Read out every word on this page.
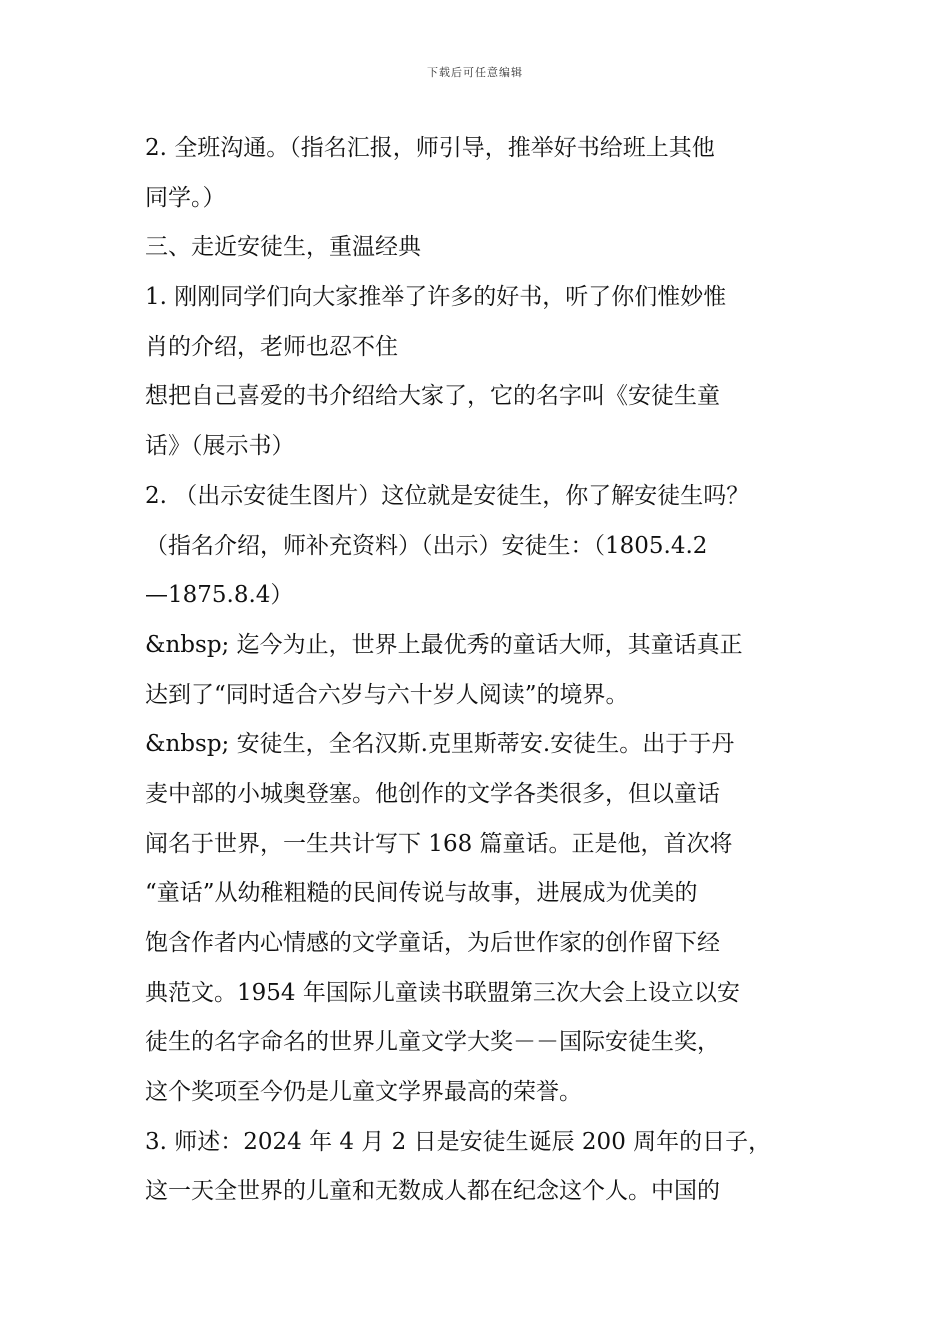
下载后可任意编辑
2. 全班沟通。（指名汇报，师引导，推举好书给班上其他
同学。）
三、走近安徒生，重温经典
1. 刚刚同学们向大家推举了许多的好书，听了你们惟妙惟
肖的介绍，老师也忍不住
想把自己喜爱的书介绍给大家了，它的名字叫《安徒生童
话》（展示书）
2. （出示安徒生图片）这位就是安徒生，你了解安徒生吗？
（指名介绍，师补充资料）（出示）安徒生：（1805.4.2
—1875.8.4）
&nbsp; 迄今为止，世界上最优秀的童话大师，其童话真正
达到了“同时适合六岁与六十岁人阅读”的境界。
&nbsp; 安徒生，全名汉斯.克里斯蒂安.安徒生。出于于丹
麦中部的小城奥登塞。他创作的文学各类很多，但以童话
闻名于世界，一生共计写下 168 篇童话。正是他，首次将
“童话”从幼稚粗糙的民间传说与故事，进展成为优美的
饱含作者内心情感的文学童话，为后世作家的创作留下经
典范文。1954 年国际儿童读书联盟第三次大会上设立以安
徒生的名字命名的世界儿童文学大奖－－国际安徒生奖，
这个奖项至今仍是儿童文学界最高的荣誉。
3. 师述：2024 年 4 月 2 日是安徒生诞辰 200 周年的日子，
这一天全世界的儿童和无数成人都在纪念这个人。中国的
